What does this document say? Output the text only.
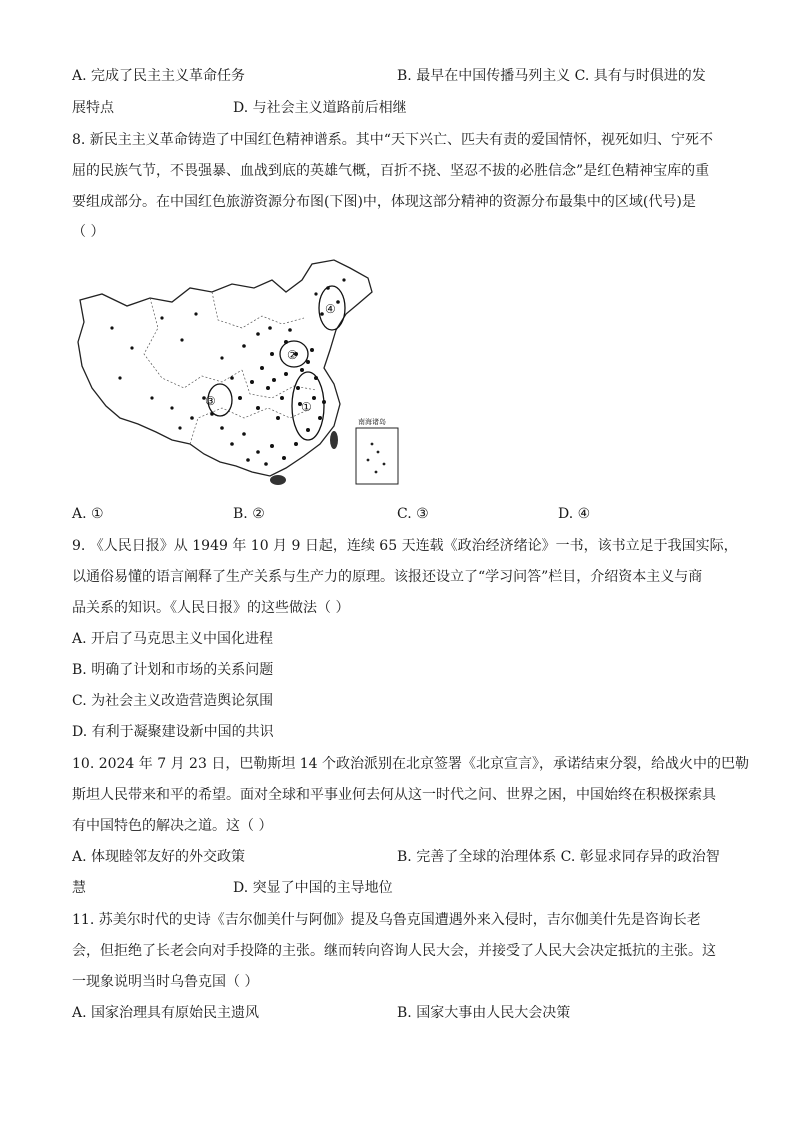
A. 完成了民主主义革命任务	B. 最早在中国传播马列主义 C. 具有与时俱进的发
展特点	D. 与社会主义道路前后相继
8. 新民主主义革命铸造了中国红色精神谱系。其中“天下兴亡、匹夫有责的爱国情怀，视死如归、宁死不
屈的民族气节，不畏强暴、血战到底的英雄气概，百折不挠、坚忍不拔的必胜信念”是红色精神宝库的重
要组成部分。在中国红色旅游资源分布图(下图)中，体现这部分精神的资源分布最集中的区域(代号)是
（ ）
④
②
①
③
南海诸岛
A. ①	B. ②	C. ③	D. ④
9. 《人民日报》从 1949 年 10 月 9 日起，连续 65 天连载《政治经济绪论》一书，该书立足于我国实际，
以通俗易懂的语言阐释了生产关系与生产力的原理。该报还设立了“学习问答”栏目，介绍资本主义与商
品关系的知识。《人民日报》的这些做法（ ）
A. 开启了马克思主义中国化进程
B. 明确了计划和市场的关系问题
C. 为社会主义改造营造舆论氛围
D. 有利于凝聚建设新中国的共识
10. 2024 年 7 月 23 日，巴勒斯坦 14 个政治派别在北京签署《北京宣言》，承诺结束分裂，给战火中的巴勒
斯坦人民带来和平的希望。面对全球和平事业何去何从这一时代之问、世界之困，中国始终在积极探索具
有中国特色的解决之道。这（ ）
A. 体现睦邻友好的外交政策	B. 完善了全球的治理体系 C. 彰显求同存异的政治智
慧	D. 突显了中国的主导地位
11. 苏美尔时代的史诗《吉尔伽美什与阿伽》提及乌鲁克国遭遇外来入侵时，吉尔伽美什先是咨询长老
会，但拒绝了长老会向对手投降的主张。继而转向咨询人民大会，并接受了人民大会决定抵抗的主张。这
一现象说明当时乌鲁克国（ ）
A. 国家治理具有原始民主遗风	B. 国家大事由人民大会决策
